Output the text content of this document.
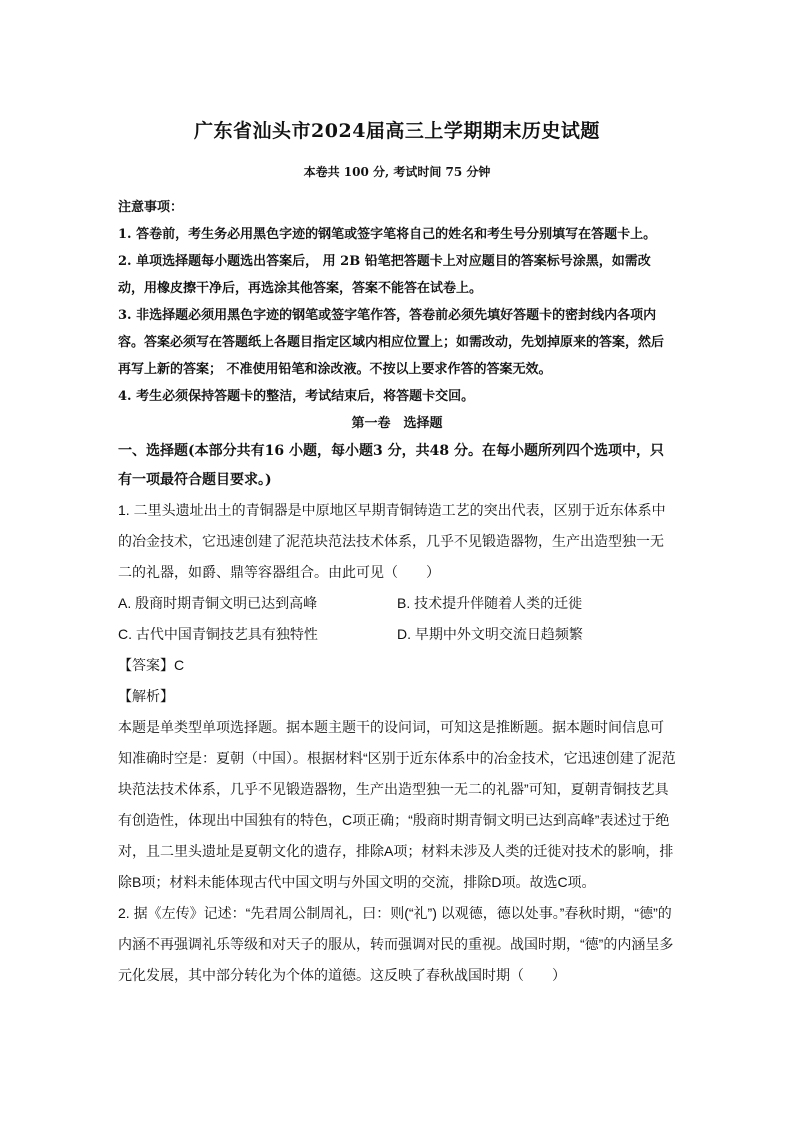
广东省汕头市2024届高三上学期期末历史试题
本卷共 100 分, 考试时间 75 分钟
注意事项：
1. 答卷前，考生务必用黑色字迹的钢笔或签字笔将自己的姓名和考生号分别填写在答题卡上。
2. 单项选择题每小题选出答案后， 用 2B 铅笔把答题卡上对应题目的答案标号涂黑，如需改动，用橡皮擦干净后，再选涂其他答案，答案不能答在试卷上。
3. 非选择题必须用黑色字迹的钢笔或签字笔作答，答卷前必须先填好答题卡的密封线内各项内容。答案必须写在答题纸上各题目指定区域内相应位置上；如需改动，先划掉原来的答案，然后再写上新的答案； 不准使用铅笔和涂改液。不按以上要求作答的答案无效。
4. 考生必须保持答题卡的整洁，考试结束后，将答题卡交回。
第一卷　选择题
一、选择题(本部分共有16 小题，每小题3 分，共48 分。在每小题所列四个选项中，只有一项最符合题目要求。)
1. 二里头遗址出土的青铜器是中原地区早期青铜铸造工艺的突出代表，区别于近东体系中的冶金技术，它迅速创建了泥范块范法技术体系，几乎不见锻造器物，生产出造型独一无二的礼器，如爵、鼎等容器组合。由此可见（　　）
A. 殷商时期青铜文明已达到高峰	B. 技术提升伴随着人类的迁徙
C. 古代中国青铜技艺具有独特性	D. 早期中外文明交流日趋频繁
【答案】C
【解析】
本题是单类型单项选择题。据本题主题干的设问词，可知这是推断题。据本题时间信息可知准确时空是：夏朝（中国）。根据材料“区别于近东体系中的冶金技术，它迅速创建了泥范块范法技术体系，几乎不见锻造器物，生产出造型独一无二的礼器”可知，夏朝青铜技艺具有创造性，体现出中国独有的特色，C项正确；“殷商时期青铜文明已达到高峰”表述过于绝对，且二里头遗址是夏朝文化的遗存，排除A项；材料未涉及人类的迁徙对技术的影响，排除B项；材料未能体现古代中国文明与外国文明的交流，排除D项。故选C项。
2. 据《左传》记述：“先君周公制周礼，曰：则(“礼”) 以观德，德以处事。”春秋时期，“德”的内涵不再强调礼乐等级和对天子的服从，转而强调对民的重视。战国时期，“德”的内涵呈多元化发展，其中部分转化为个体的道德。这反映了春秋战国时期（　　）
